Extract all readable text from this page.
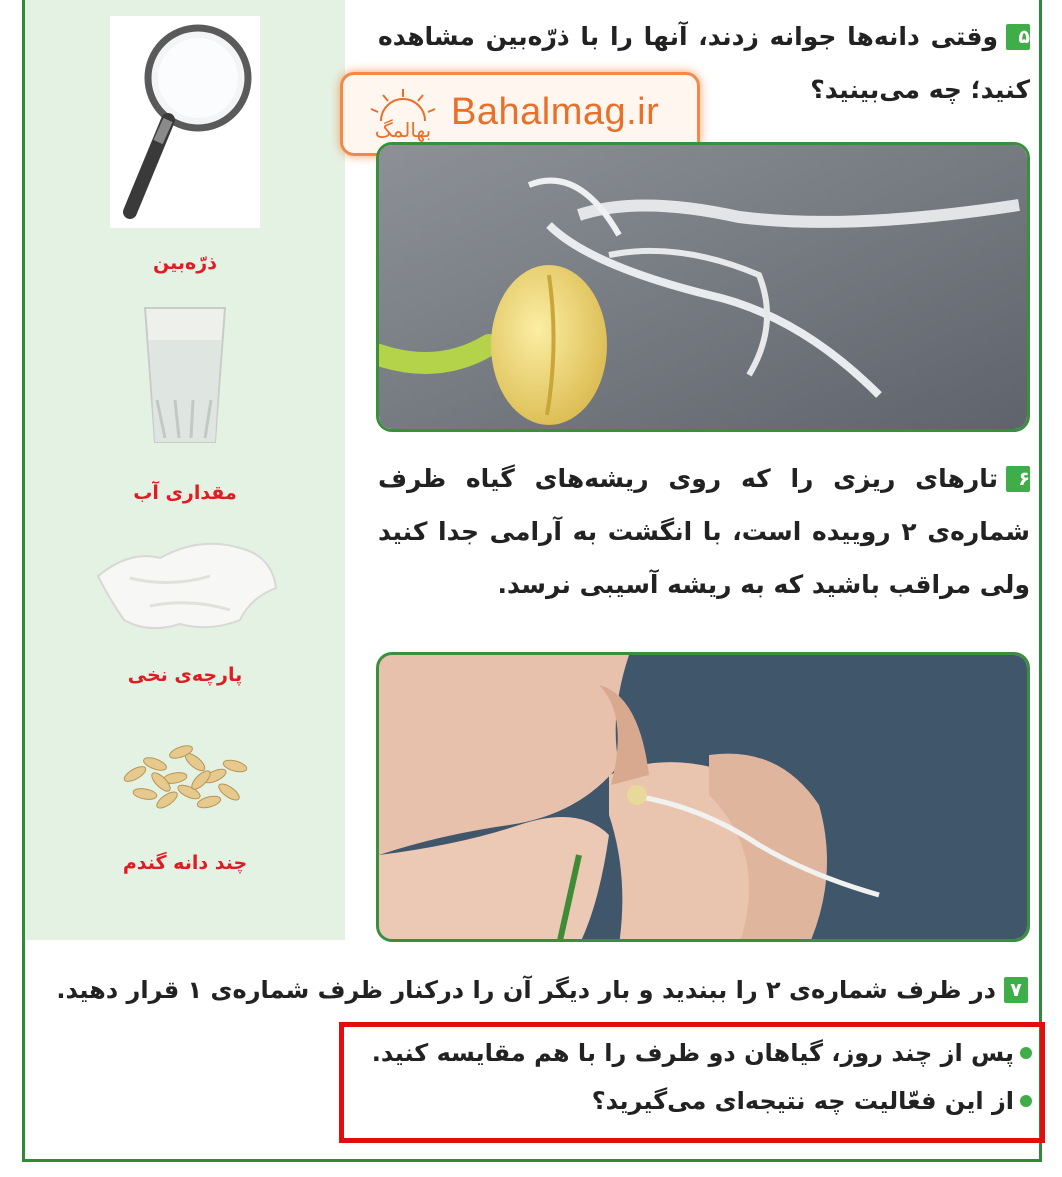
ذرّه‌بین
مقداری آب
پارچه‌ی نخی
چند دانه گندم
۵وقتی دانه‌ها جوانه زدند، آنها را با ذرّه‌بین مشاهده کنید؛ چه می‌بینید؟
بهالمگ Bahalmag.ir
۶تارهای ریزی را که روی ریشه‌های گیاه ظرف شماره‌ی ۲ روییده است، با انگشت به آرامی جدا کنید ولی مراقب باشید که به ریشه آسیبی نرسد.
۷در ظرف شماره‌ی ۲ را ببندید و بار دیگر آن را درکنار ظرف شماره‌ی ۱ قرار دهید.
پس از چند روز، گیاهان دو ظرف را با هم مقایسه کنید.
از این فعّالیت چه نتیجه‌ای می‌گیرید؟
